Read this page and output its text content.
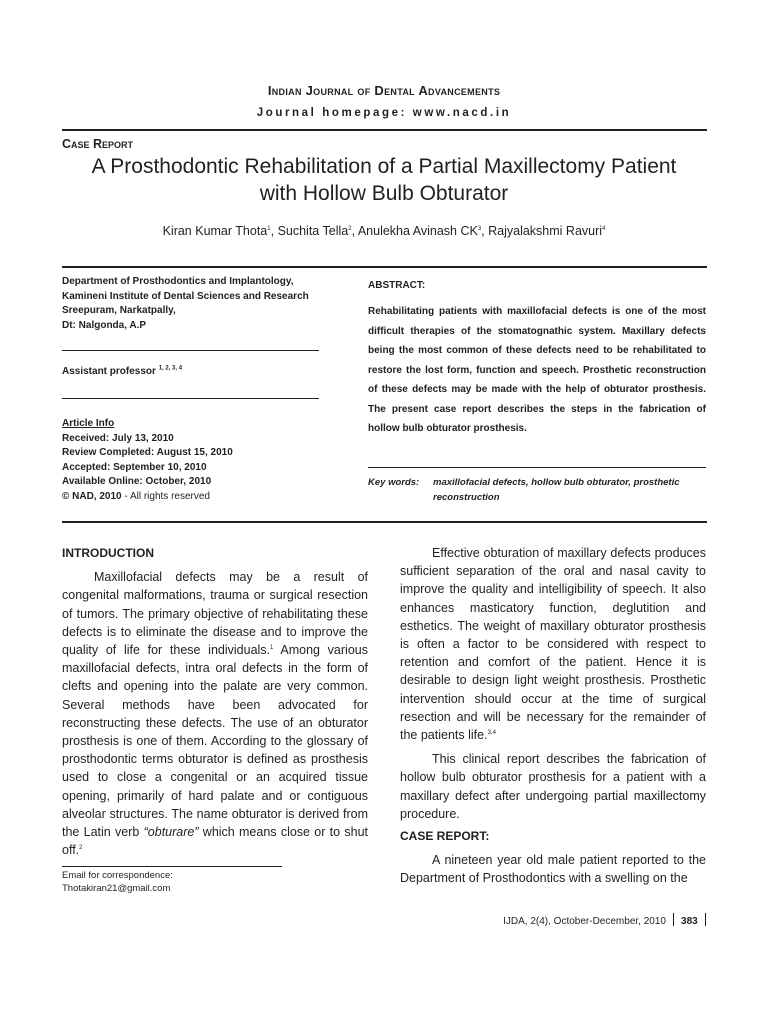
Indian Journal of Dental Advancements
Journal homepage: www.nacd.in
Case Report
A Prosthodontic Rehabilitation of a Partial Maxillectomy Patient
with Hollow Bulb Obturator
Kiran Kumar Thota$^1$, Suchita Tella$^2$, Anulekha Avinash $CK^3$, Rajyalakshmi Ravuri$^4$
Department of Prosthodontics and Implantology,
Kamineni Institute of Dental Sciences and Research
Sreepuram, Narkatpally,
Dt: Nalgonda, A.P
Assistant professor $^{1, 2, 3, 4}$
Article Info
Received: July 13, 2010
Review Completed: August 15, 2010
Accepted: September 10, 2010
Available Online: October, 2010
© NAD, 2010 - All rights reserved
ABSTRACT:
Rehabilitating patients with maxillofacial defects is one of the most difficult therapies of the stomatognathic system. Maxillary defects being the most common of these defects need to be rehabilitated to restore the lost form, function and speech. Prosthetic reconstruction of these defects may be made with the help of obturator prosthesis. The present case report describes the steps in the fabrication of hollow bulb obturator prosthesis.
Key words: maxillofacial defects, hollow bulb obturator, prosthetic
reconstruction
INTRODUCTION
Maxillofacial defects may be a result of congenital malformations, trauma or surgical resection of tumors. The primary objective of rehabilitating these defects is to eliminate the disease and to improve the quality of life for these individuals.$^1$ Among various maxillofacial defects, intra oral defects in the form of clefts and opening into the palate are very common. Several methods have been advocated for reconstructing these defects. The use of an obturator prosthesis is one of them. According to the glossary of prosthodontic terms obturator is defined as prosthesis used to close a congenital or an acquired tissue opening, primarily of hard palate and or contiguous alveolar structures. The name obturator is derived from the Latin verb “obturare” which means close or to shut off.$^2$
Email for correspondence:
Thotakiran21@gmail.com
Effective obturation of maxillary defects produces sufficient separation of the oral and nasal cavity to improve the quality and intelligibility of speech. It also enhances masticatory function, deglutition and esthetics. The weight of maxillary obturator prosthesis is often a factor to be considered with respect to retention and comfort of the patient. Hence it is desirable to design light weight prosthesis. Prosthetic intervention should occur at the time of surgical resection and will be necessary for the remainder of the patients life.$^{3,4}$
This clinical report describes the fabrication of hollow bulb obturator prosthesis for a patient with a maxillary defect after undergoing partial maxillectomy procedure.
CASE REPORT:
A nineteen year old male patient reported to the Department of Prosthodontics with a swelling on the
IJDA, 2(4), October-December, 2010 383
